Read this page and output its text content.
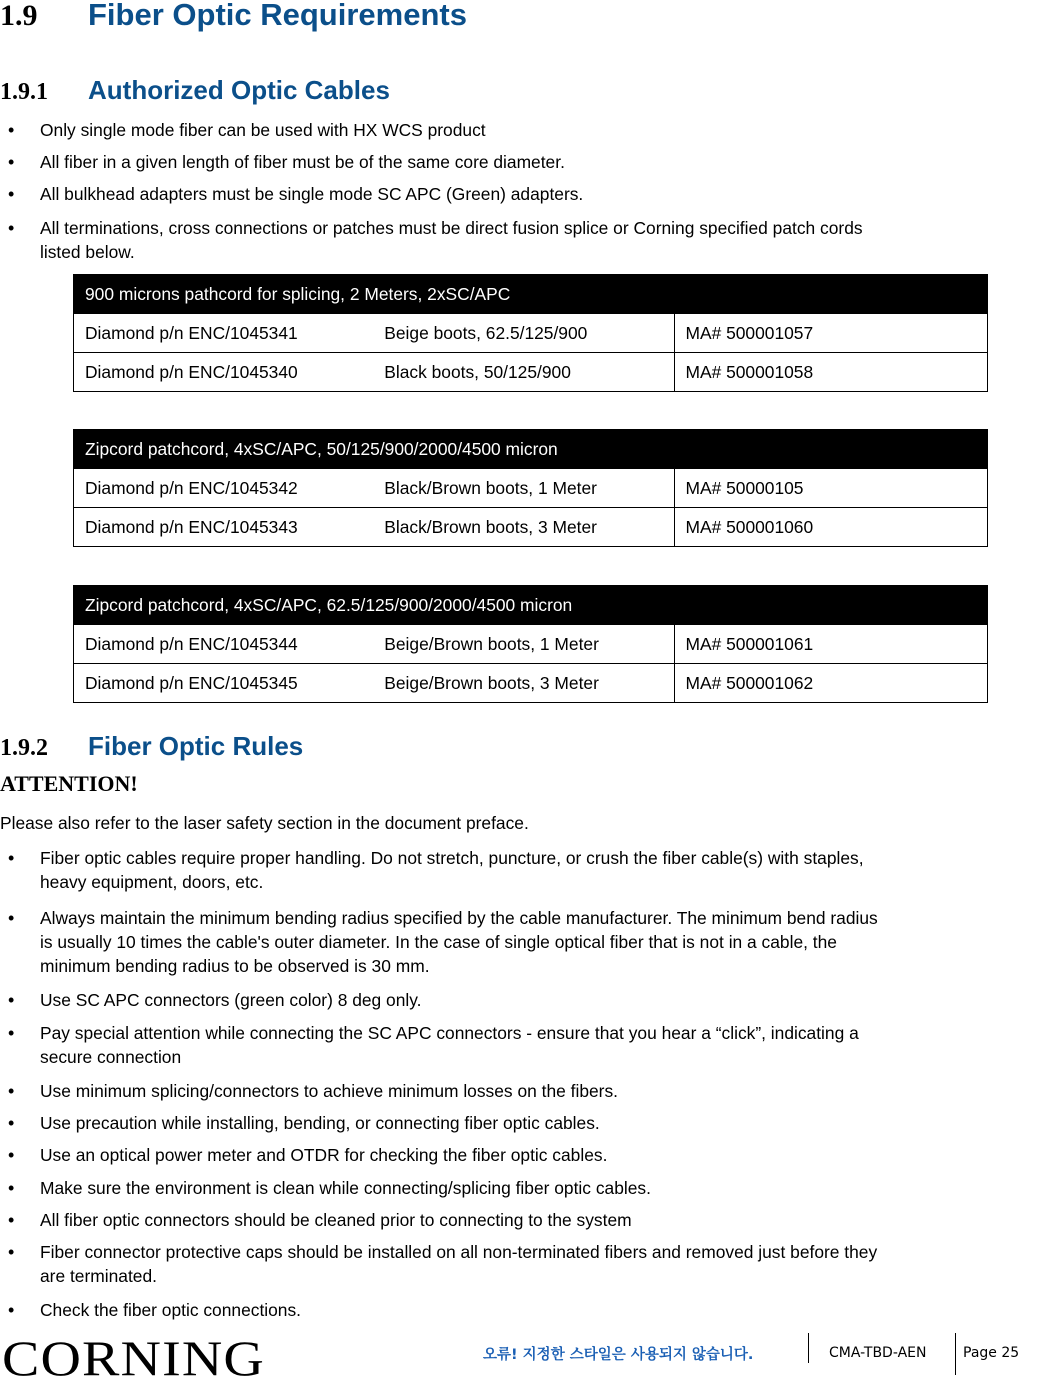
1.9 Fiber Optic Requirements
1.9.1 Authorized Optic Cables
• Only single mode fiber can be used with HX WCS product
• All fiber in a given length of fiber must be of the same core diameter.
• All bulkhead adapters must be single mode SC APC (Green) adapters.
• All terminations, cross connections or patches must be direct fusion splice or Corning specified patch cords
listed below.
900 microns pathcord for splicing, 2 Meters, 2xSC/APC		
Diamond p/n ENC/1045341	Beige boots, 62.5/125/900	MA# 500001057
Diamond p/n ENC/1045340	Black boots, 50/125/900	MA# 500001058
Zipcord patchcord, 4xSC/APC, 50/125/900/2000/4500 micron		
Diamond p/n ENC/1045342	Black/Brown boots, 1 Meter	MA# 50000105
Diamond p/n ENC/1045343	Black/Brown boots, 3 Meter	MA# 500001060
Zipcord patchcord, 4xSC/APC, 62.5/125/900/2000/4500 micron		
Diamond p/n ENC/1045344	Beige/Brown boots, 1 Meter	MA# 500001061
Diamond p/n ENC/1045345	Beige/Brown boots, 3 Meter	MA# 500001062
1.9.2 Fiber Optic Rules

ATTENTION!

Please also refer to the laser safety section in the document preface.

• Fiber optic cables require proper handling. Do not stretch, puncture, or crush the fiber cable(s) with staples,
heavy equipment, doors, etc.
• Always maintain the minimum bending radius specified by the cable manufacturer. The minimum bend radius
is usually 10 times the cable's outer diameter. In the case of single optical fiber that is not in a cable, the
minimum bending radius to be observed is 30 mm.
• Use SC APC connectors (green color) 8 deg only.
• Pay special attention while connecting the SC APC connectors - ensure that you hear a “click”, indicating a
secure connection
• Use minimum splicing/connectors to achieve minimum losses on the fibers.
• Use precaution while installing, bending, or connecting fiber optic cables.
• Use an optical power meter and OTDR for checking the fiber optic cables.
• Make sure the environment is clean while connecting/splicing fiber optic cables.
• All fiber optic connectors should be cleaned prior to connecting to the system
• Fiber connector protective caps should be installed on all non-terminated fibers and removed just before they
are terminated.
• Check the fiber optic connections.
CORNING	오류! 지정한 스타일은 사용되지 않습니다.	CMA-TBD-AEN	Page 25
